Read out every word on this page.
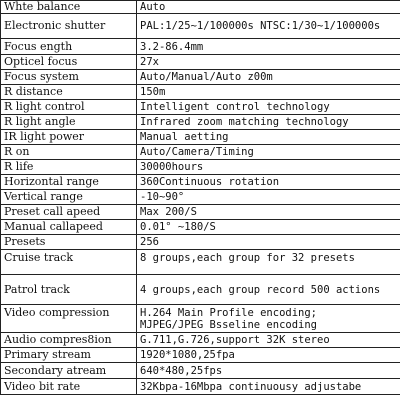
Whte balance	Auto
Electronic shutter	PAL:1/25~1/100000s NTSC:1/30~1/100000s
Focus ength	3.2-86.4mm
Opticel focus	27x
Focus system	Auto/Manual/Auto z00m
R distance	150m
R light control	Intelligent control technology
R light angle	Infrared zoom matching technology
IR light power	Manual aetting
R on	Auto/Camera/Timing
R life	30000hours
Horizontal range	360Continuous rotation
Vertical range	-10~90°
Preset call apeed	Max 200/S
Manual callapeed	0.01° ~180/S
Presets	256
Cruise track	8 groups,each group for 32 presets
Patrol track	4 groups,each group record 500 actions
Video compression	H.264 Main Profile encoding;
MJPEG/JPEG Bsseline encoding

Audio compres8ion	G.711,G.726,support 32K stereo
Primary stream	1920*1080,25fpa
Secondary atream	640*480,25fps
Video bit rate	32Kbpa-16Mbpa continuousy adjustabe
